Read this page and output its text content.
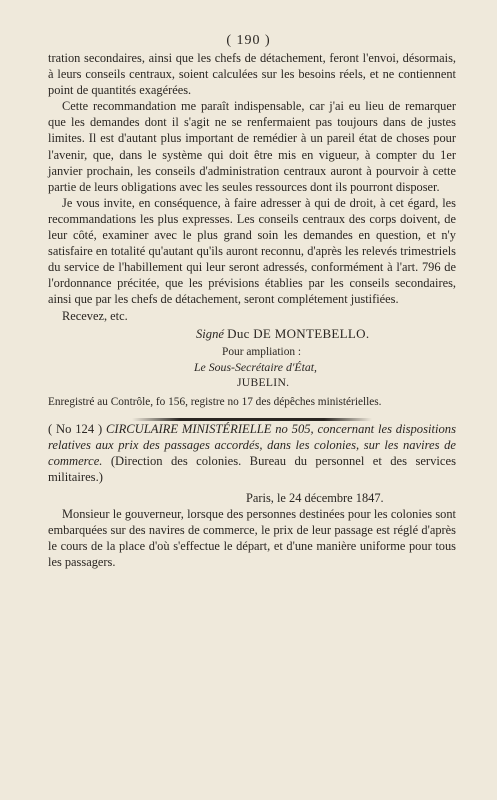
( 190 )

tration secondaires, ainsi que les chefs de détachement, feront l'envoi, désormais, à leurs conseils centraux, soient calculées sur les besoins réels, et ne contiennent point de quantités exagérées.

Cette recommandation me paraît indispensable, car j'ai eu lieu de remarquer que les demandes dont il s'agit ne se renfermaient pas toujours dans de justes limites. Il est d'autant plus important de remédier à un pareil état de choses pour l'avenir, que, dans le système qui doit être mis en vigueur, à compter du 1er janvier prochain, les conseils d'administration centraux auront à pourvoir à cette partie de leurs obligations avec les seules ressources dont ils pourront disposer.

Je vous invite, en conséquence, à faire adresser à qui de droit, à cet égard, les recommandations les plus expresses. Les conseils centraux des corps doivent, de leur côté, examiner avec le plus grand soin les demandes en question, et n'y satisfaire en totalité qu'autant qu'ils auront reconnu, d'après les relevés trimestriels du service de l'habillement qui leur seront adressés, conformément à l'art. 796 de l'ordonnance précitée, que les prévisions établies par les conseils secondaires, ainsi que par les chefs de détachement, seront complétement justifiées.

Recevez, etc.

Signé Duc DE MONTEBELLO.
Pour ampliation :
Le Sous-Secrétaire d'État,
JUBELIN.
Enregistré au Contrôle, fo 156, registre no 17 des dépêches ministérielles.

( No 124 ) CIRCULAIRE MINISTÉRIELLE no 505, concernant les dispositions relatives aux prix des passages accordés, dans les colonies, sur les navires de commerce. (Direction des colonies. Bureau du personnel et des services militaires.)

Paris, le 24 décembre 1847.

Monsieur le gouverneur, lorsque des personnes destinées pour les colonies sont embarquées sur des navires de commerce, le prix de leur passage est réglé d'après le cours de la place d'où s'effectue le départ, et d'une manière uniforme pour tous les passagers.
